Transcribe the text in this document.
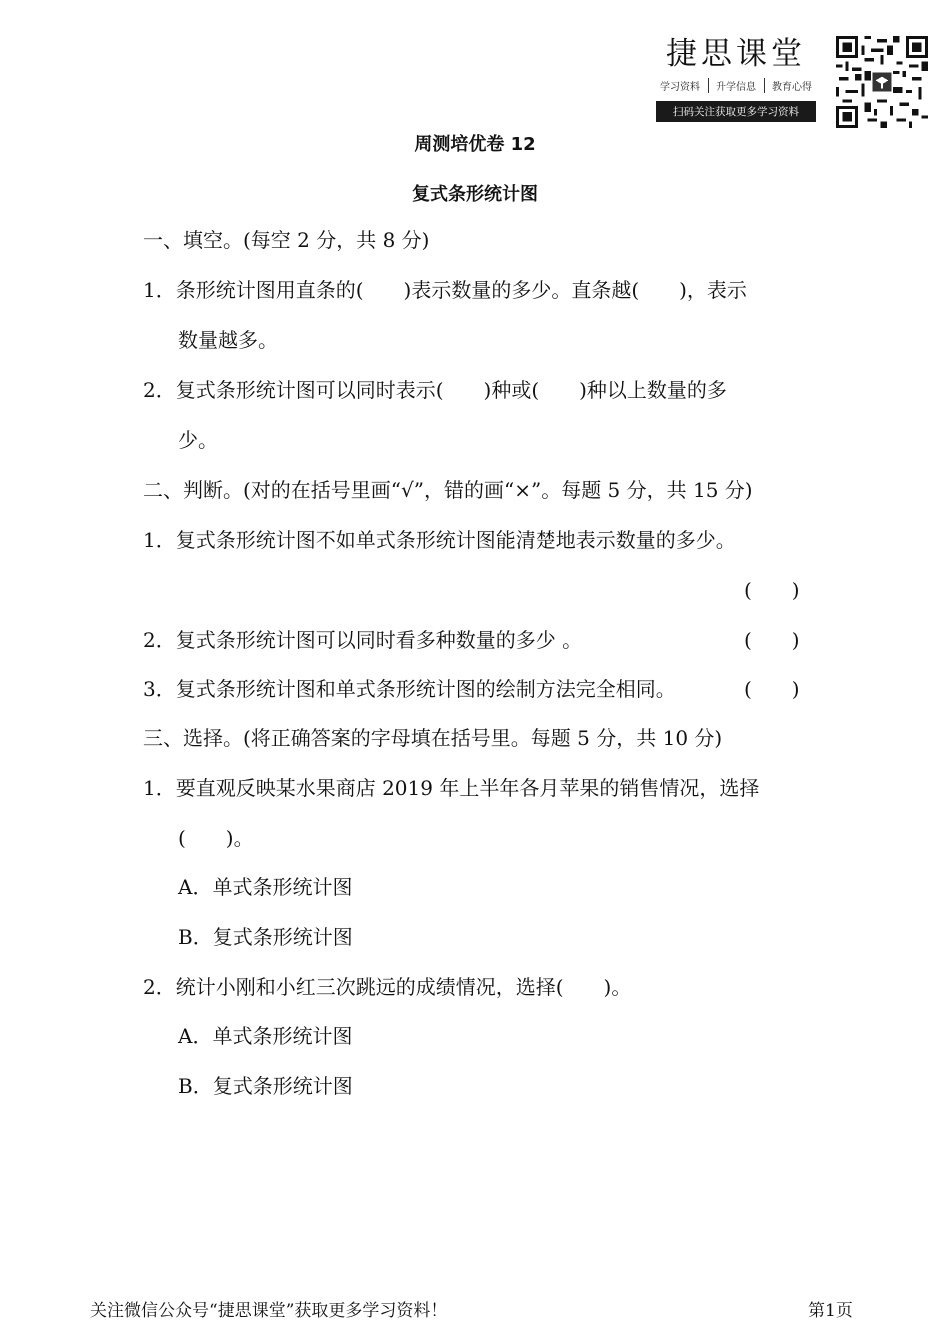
捷思课堂
学习资料	升学信息	教育心得
扫码关注获取更多学习资料
周测培优卷 12
复式条形统计图
一、填空。(每空 2 分，共 8 分)
1．条形统计图用直条的(　　)表示数量的多少。直条越(　　)，表示
数量越多。
2．复式条形统计图可以同时表示(　　)种或(　　)种以上数量的多
少。
二、判断。(对的在括号里画“√”，错的画“×”。每题 5 分，共 15 分)
1．复式条形统计图不如单式条形统计图能清楚地表示数量的多少。
(　　)
2．复式条形统计图可以同时看多种数量的多少 。	(　　)
3．复式条形统计图和单式条形统计图的绘制方法完全相同。	(　　)
三、选择。(将正确答案的字母填在括号里。每题 5 分，共 10 分)
1．要直观反映某水果商店 2019 年上半年各月苹果的销售情况，选择
(　　)。
A．单式条形统计图
B．复式条形统计图
2．统计小刚和小红三次跳远的成绩情况，选择(　　)。
A．单式条形统计图
B．复式条形统计图
关注微信公众号“捷思课堂”获取更多学习资料！	第1页
